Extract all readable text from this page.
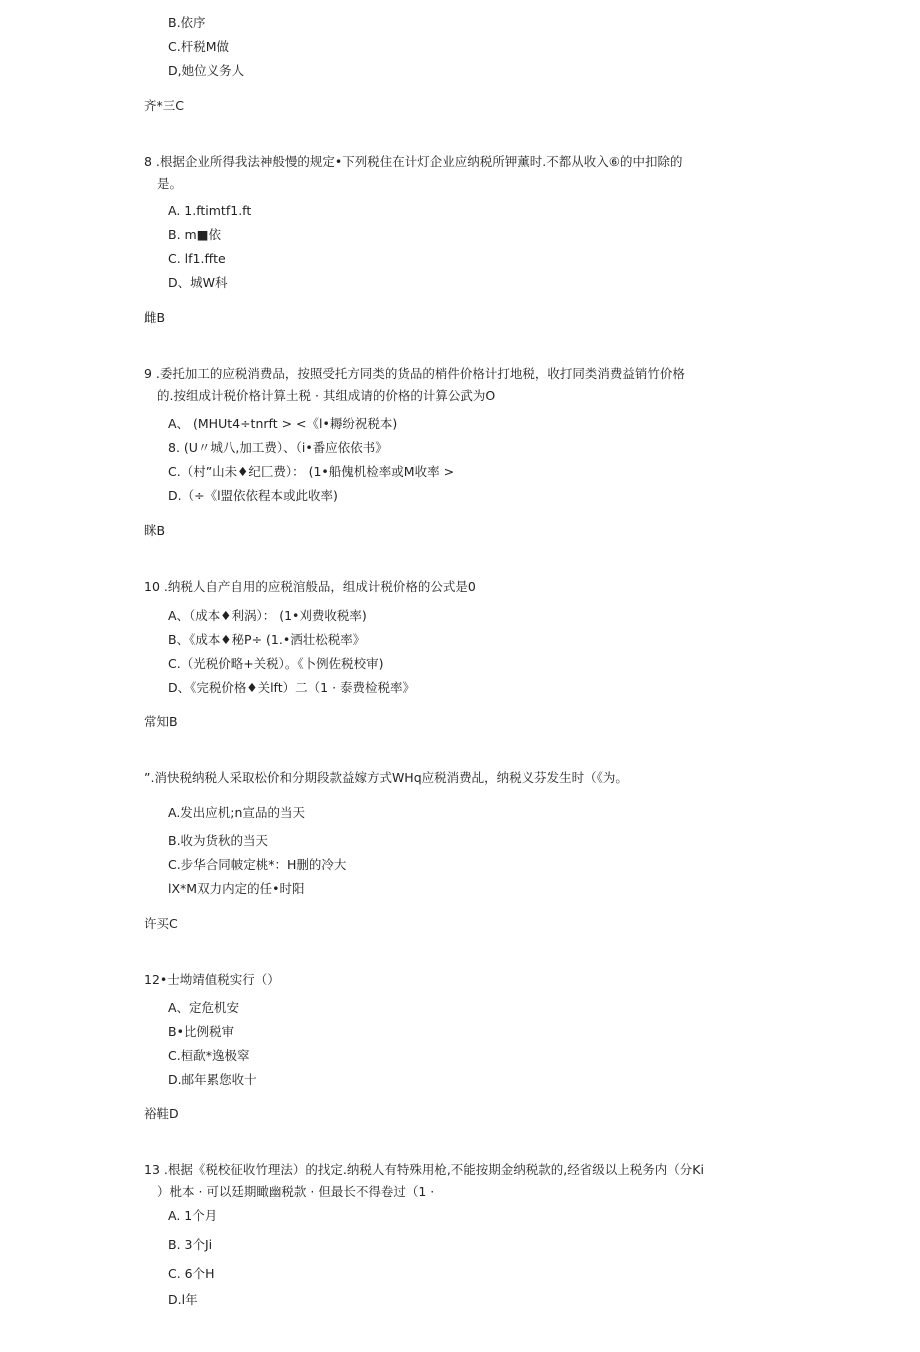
B.依序
C.杆税M做
D,她位义务人
齐*三C
8 .根据企业所得我法神般慢的规定•下列税住在计灯企业应纳税所钾薰时.不都从收入⑥的中扣除的
是。
A. 1.ftimtf1.ft
B. m■依
C. lf1.ffte
D、城W科
雌B
9 .委托加工的应税消费品，按照受托方同类的货品的梢件价格计打地税，收打同类消费益销竹价格
的.按组成计税价格计算土税 · 其组成请的价格的计算公武为O
A、 (MHUt4÷tnrft > <《l•耨纷祝税本)
8. (U〃城八,加工费）、（i•番应依依书》
C.（村”山未♦纪匚费）： (1•船傀机检率或M收率 >
D.（÷《l盟依依程本或此收率)
眯B
10 .纳税人自产自用的应税涫般品，组成计税价格的公式是0
A、（成本♦利涡）： (1•刈费收税率)
B、《成本♦秘P÷ (1.•洒壮松税率》
C.（光税价略+关税）。《卜例佐税校审)
D、《完税价格♦关lft）二（1 · 泰费检税率》
常知B
”.消快税纳税人采取松价和分期段款益嫁方式WHq应税消费乩，纳税义芬发生时（《为。
A.发出应机;n宣品的当天
B.收为货秋的当天
C.步华合同帔定桃*：H删的冷大
lX*M双力内定的任•时阳
许买C
12•士坳靖值税实行（）
A、定危机安
B•比例税审
C.桓歃*逸极窣
D.邮年累您收十
裕鞋D
13 .根据《税校征收竹理法）的找定.纳税人有特殊用枪,不能按期金纳税款的,经省级以上税务内（分Ki
）枇本 · 可以廷期瞰幽税款 · 但最长不得卷过（1 ·
A. 1个月
B. 3个Ji
C. 6个H
D.l年
